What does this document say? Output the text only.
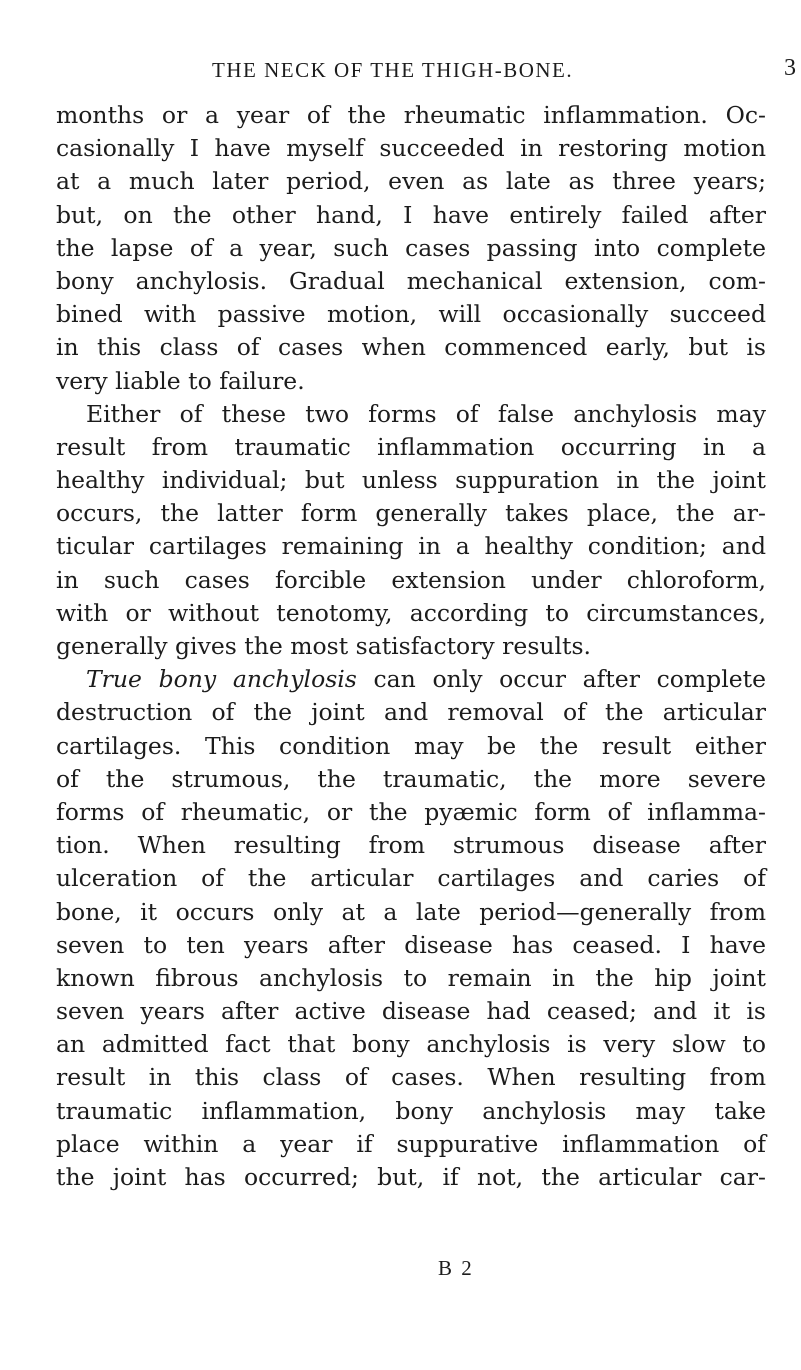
THE NECK OF THE THIGH-BONE.	3
months or a year of the rheumatic inflammation. Oc-
casionally I have myself succeeded in restoring motion
at a much later period, even as late as three years;
but, on the other hand, I have entirely failed after
the lapse of a year, such cases passing into complete
bony anchylosis. Gradual mechanical extension, com-
bined with passive motion, will occasionally succeed
in this class of cases when commenced early, but is
very liable to failure.
Either of these two forms of false anchylosis may
result from traumatic inflammation occurring in a
healthy individual; but unless suppuration in the joint
occurs, the latter form generally takes place, the ar-
ticular cartilages remaining in a healthy condition; and
in such cases forcible extension under chloroform,
with or without tenotomy, according to circumstances,
generally gives the most satisfactory results.
True bony anchylosis can only occur after complete
destruction of the joint and removal of the articular
cartilages. This condition may be the result either
of the strumous, the traumatic, the more severe
forms of rheumatic, or the pyæmic form of inflamma-
tion. When resulting from strumous disease after
ulceration of the articular cartilages and caries of
bone, it occurs only at a late period—generally from
seven to ten years after disease has ceased. I have
known fibrous anchylosis to remain in the hip joint
seven years after active disease had ceased; and it is
an admitted fact that bony anchylosis is very slow to
result in this class of cases. When resulting from
traumatic inflammation, bony anchylosis may take
place within a year if suppurative inflammation of
the joint has occurred; but, if not, the articular car-
B 2
